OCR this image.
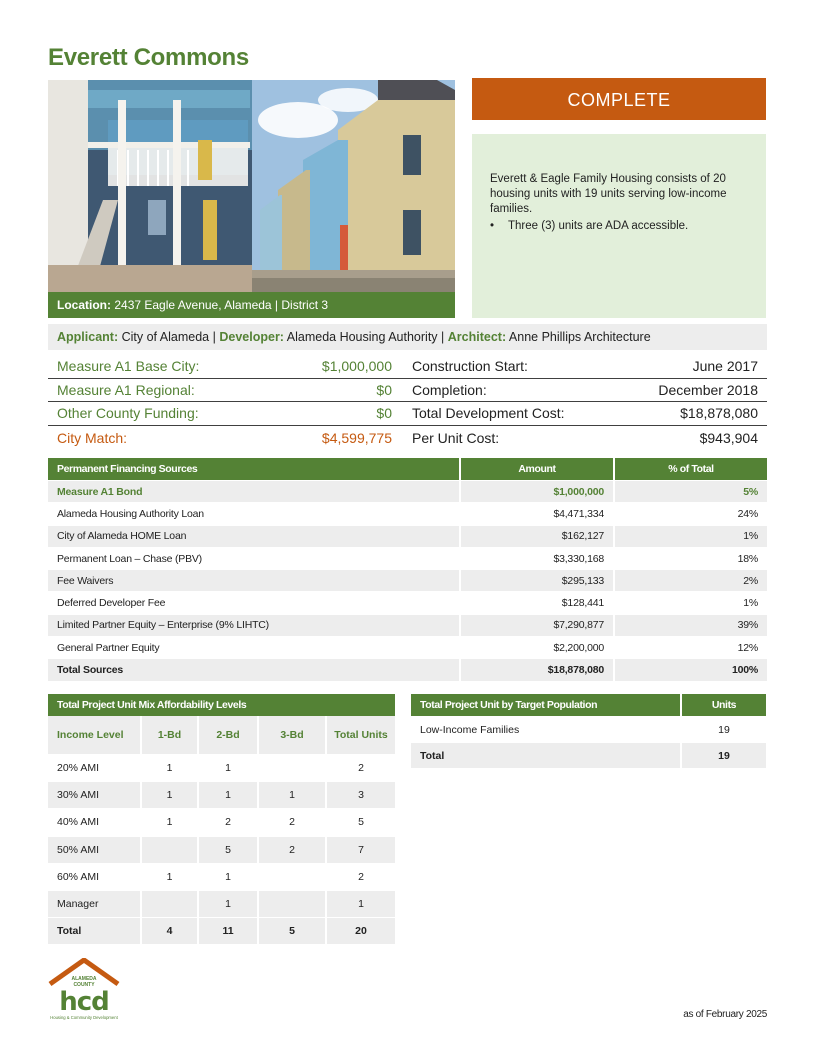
Everett Commons
Location: 2437 Eagle Avenue, Alameda | District 3
COMPLETE
Everett & Eagle Family Housing consists of 20 housing units with 19 units serving low-income families.
• Three (3) units are ADA accessible.
Applicant: City of Alameda | Developer: Alameda Housing Authority | Architect: Anne Phillips Architecture
Measure A1 Base City:	$1,000,000 Construction Start:	June 2017
Measure A1 Regional:	$0 Completion:	December 2018
Other County Funding:	$0 Total Development Cost:	$18,878,080
City Match:	$4,599,775 Per Unit Cost:	$943,904
Permanent Financing Sources	Amount	% of Total
Measure A1 Bond	$1,000,000	5%
Alameda Housing Authority Loan	$4,471,334	24%
City of Alameda HOME Loan	$162,127	1%
Permanent Loan – Chase (PBV)	$3,330,168	18%
Fee Waivers	$295,133	2%
Deferred Developer Fee	$128,441	1%
Limited Partner Equity – Enterprise (9% LIHTC)	$7,290,877	39%
General Partner Equity	$2,200,000	12%
Total Sources	$18,878,080	100%
Total Project Unit Mix Affordability Levels				
Income Level	1-Bd	2-Bd	3-Bd	Total Units
20% AMI	1	1		2
30% AMI	1	1	1	3
40% AMI	1	2	2	5
50% AMI		5	2	7
60% AMI	1	1		2
Manager		1		1
Total	4	11	5	20
Total Project Unit by Target Population	Units
Low-Income Families	19
Total	19
ALAMEDA
COUNTY
hcd
Housing & Community Development	as of February 2025
